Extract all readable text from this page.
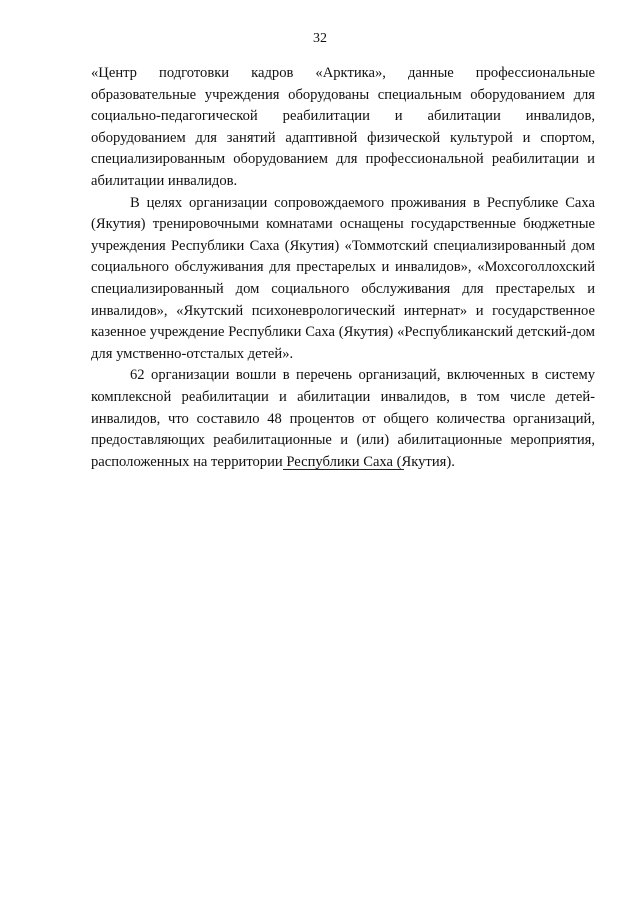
32

«Центр подготовки кадров «Арктика», данные профессиональные образовательные учреждения оборудованы специальным оборудованием для социально-педагогической реабилитации и абилитации инвалидов, оборудованием для занятий адаптивной физической культурой и спортом, специализированным оборудованием для профессиональной реабилитации и абилитации инвалидов.

В целях организации сопровождаемого проживания в Республике Саха (Якутия) тренировочными комнатами оснащены государственные бюджетные учреждения Республики Саха (Якутия) «Томмотский специализированный дом социального обслуживания для престарелых и инвалидов», «Мохсоголлохский специализированный дом социального обслуживания для престарелых и инвалидов», «Якутский психоневрологический интернат» и государственное казенное учреждение Республики Саха (Якутия) «Республиканский детский-дом для умственно-отсталых детей».

62 организации вошли в перечень организаций, включенных в систему комплексной реабилитации и абилитации инвалидов, в том числе детей-инвалидов, что составило 48 процентов от общего количества организаций, предоставляющих реабилитационные и (или) абилитационные мероприятия, расположенных на территории Республики Саха (Якутия).
